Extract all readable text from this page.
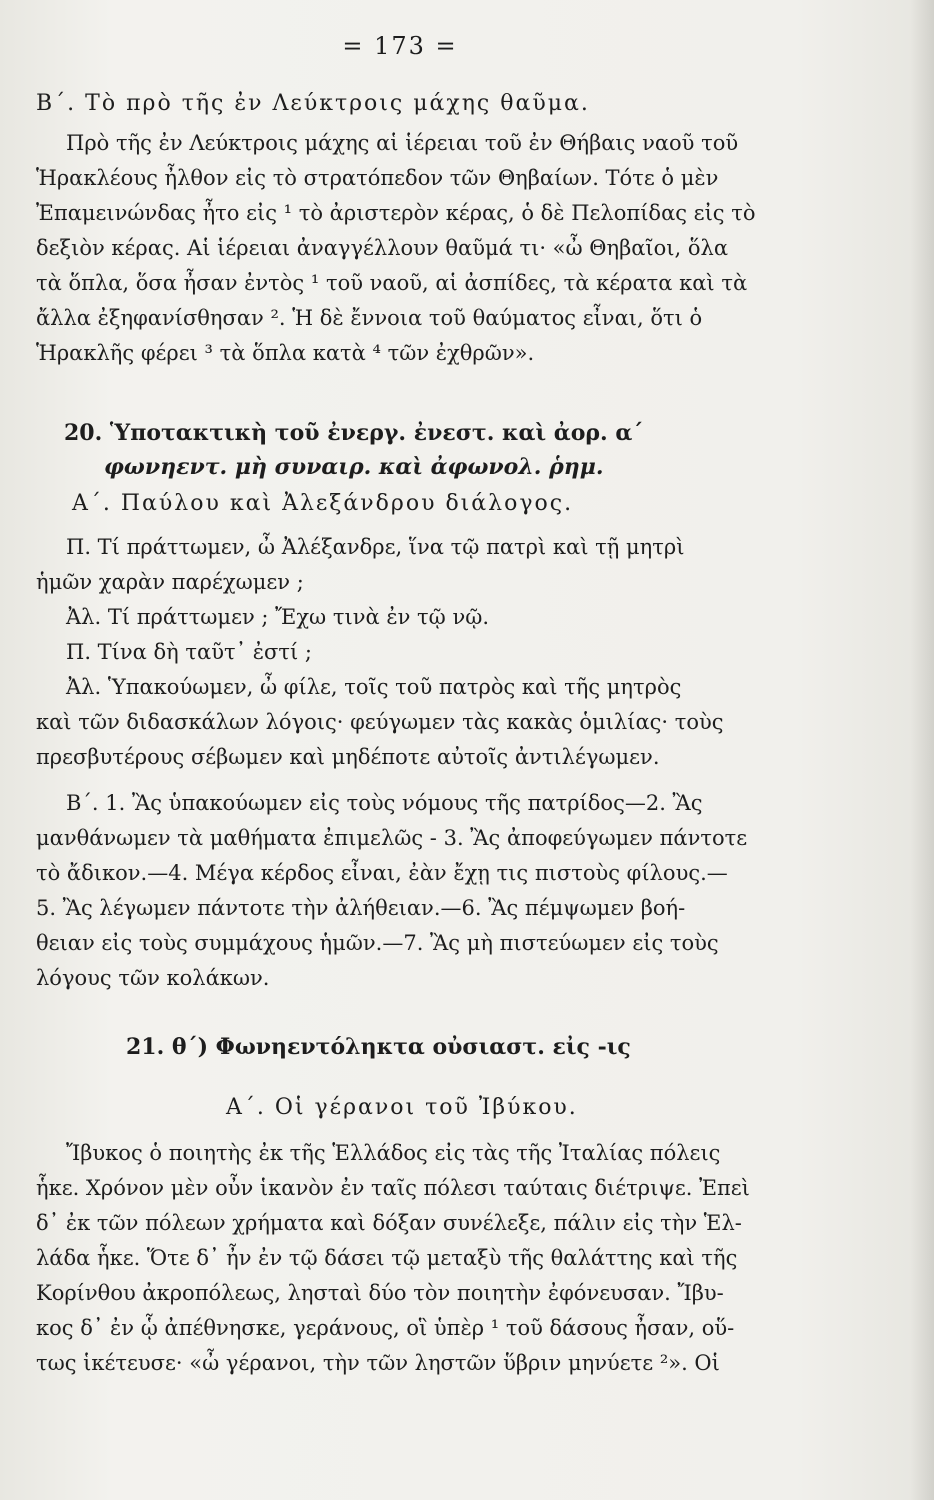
= 173 =
Β΄. Τὸ πρὸ τῆς ἐν Λεύκτροις μάχης θαῦμα.
Πρὸ τῆς ἐν Λεύκτροις μάχης αἱ ἱέρειαι τοῦ ἐν Θήβαις ναοῦ τοῦ
Ἡρακλέους ἦλθον εἰς τὸ στρατόπεδον τῶν Θηβαίων. Τότε ὁ μὲν
Ἐπαμεινώνδας ἦτο εἰς ¹ τὸ ἀριστερὸν κέρας, ὁ δὲ Πελοπίδας εἰς τὸ
δεξιὸν κέρας. Αἱ ἱέρειαι ἀναγγέλλουν θαῦμά τι· «ὦ Θηβαῖοι, ὅλα
τὰ ὅπλα, ὅσα ἦσαν ἐντὸς ¹ τοῦ ναοῦ, αἱ ἀσπίδες, τὰ κέρατα καὶ τὰ
ἄλλα ἐξηφανίσθησαν ². Ἡ δὲ ἔννοια τοῦ θαύματος εἶναι, ὅτι ὁ
Ἡρακλῆς φέρει ³ τὰ ὅπλα κατὰ ⁴ τῶν ἐχθρῶν».
20. Ὑποτακτικὴ τοῦ ἐνεργ. ἐνεστ. καὶ ἀορ. α΄
φωνηεντ. μὴ συναιρ. καὶ ἀφωνολ. ῥημ.
Α΄. Παύλου καὶ Ἀλεξάνδρου διάλογος.
Π. Τί πράττωμεν, ὦ Ἀλέξανδρε, ἵνα τῷ πατρὶ καὶ τῇ μητρὶ
ἡμῶν χαρὰν παρέχωμεν ;
Ἀλ. Τί πράττωμεν ; Ἔχω τινὰ ἐν τῷ νῷ.
Π. Τίνα δὴ ταῦτ᾿ ἐστί ;
Ἀλ. Ὑπακούωμεν, ὦ φίλε, τοῖς τοῦ πατρὸς καὶ τῆς μητρὸς
καὶ τῶν διδασκάλων λόγοις· φεύγωμεν τὰς κακὰς ὁμιλίας· τοὺς
πρεσβυτέρους σέβωμεν καὶ μηδέποτε αὐτοῖς ἀντιλέγωμεν.
Β΄. 1. Ἂς ὑπακούωμεν εἰς τοὺς νόμους τῆς πατρίδος—2. Ἂς
μανθάνωμεν τὰ μαθήματα ἐπιμελῶς - 3. Ἂς ἀποφεύγωμεν πάντοτε
τὸ ἄδικον.—4. Μέγα κέρδος εἶναι, ἐὰν ἔχῃ τις πιστοὺς φίλους.—
5. Ἂς λέγωμεν πάντοτε τὴν ἀλήθειαν.—6. Ἂς πέμψωμεν βοή-
θειαν εἰς τοὺς συμμάχους ἡμῶν.—7. Ἂς μὴ πιστεύωμεν εἰς τοὺς
λόγους τῶν κολάκων.
21. θ΄) Φωνηεντόληκτα οὐσιαστ. εἰς -ις
Α΄. Οἱ γέρανοι τοῦ Ἰβύκου.
Ἴβυκος ὁ ποιητὴς ἐκ τῆς Ἑλλάδος εἰς τὰς τῆς Ἰταλίας πόλεις
ἧκε. Χρόνον μὲν οὖν ἱκανὸν ἐν ταῖς πόλεσι ταύταις διέτριψε. Ἐπεὶ
δ᾿ ἐκ τῶν πόλεων χρήματα καὶ δόξαν συνέλεξε, πάλιν εἰς τὴν Ἑλ-
λάδα ἧκε. Ὅτε δ᾿ ἦν ἐν τῷ δάσει τῷ μεταξὺ τῆς θαλάττης καὶ τῆς
Κορίνθου ἀκροπόλεως, λησταὶ δύο τὸν ποιητὴν ἐφόνευσαν. Ἴβυ-
κος δ᾿ ἐν ᾧ ἀπέθνησκε, γεράνους, οἳ ὑπὲρ ¹ τοῦ δάσους ἦσαν, οὕ-
τως ἱκέτευσε· «ὦ γέρανοι, τὴν τῶν ληστῶν ὕβριν μηνύετε ²». Οἱ
